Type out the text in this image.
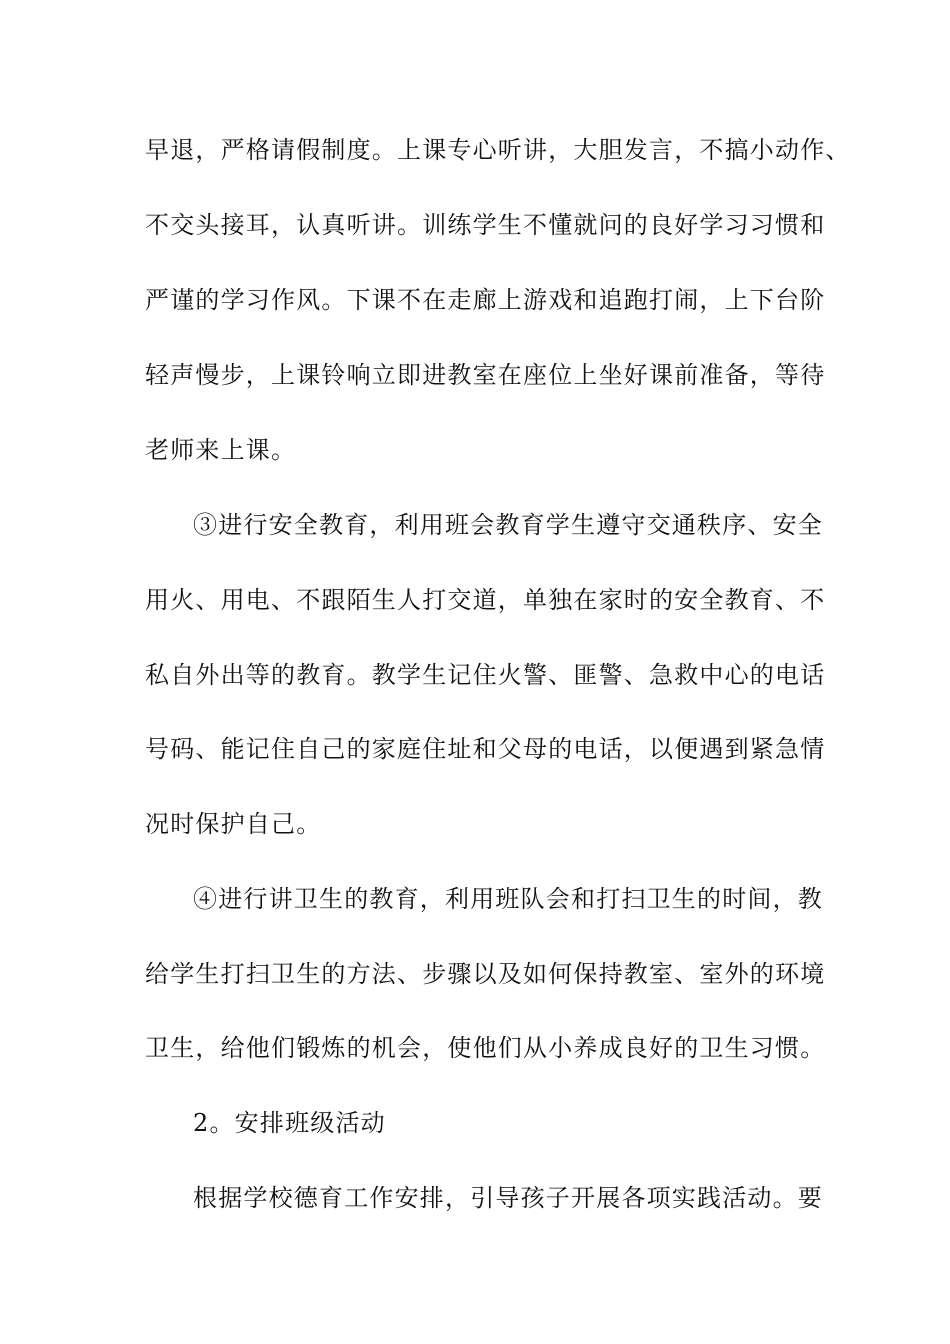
早退，严格请假制度。上课专心听讲，大胆发言，不搞小动作、
不交头接耳，认真听讲。训练学生不懂就问的良好学习习惯和
严谨的学习作风。下课不在走廊上游戏和追跑打闹，上下台阶
轻声慢步，上课铃响立即进教室在座位上坐好课前准备，等待
老师来上课。
③进行安全教育，利用班会教育学生遵守交通秩序、安全
用火、用电、不跟陌生人打交道，单独在家时的安全教育、不
私自外出等的教育。教学生记住火警、匪警、急救中心的电话
号码、能记住自己的家庭住址和父母的电话，以便遇到紧急情
况时保护自己。
④进行讲卫生的教育，利用班队会和打扫卫生的时间，教
给学生打扫卫生的方法、步骤以及如何保持教室、室外的环境
卫生，给他们锻炼的机会，使他们从小养成良好的卫生习惯。
2。安排班级活动
根据学校德育工作安排，引导孩子开展各项实践活动。要
